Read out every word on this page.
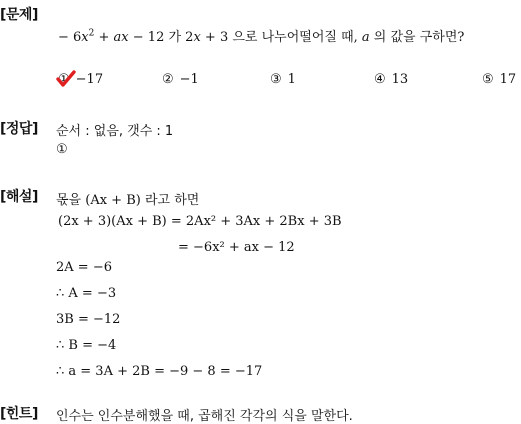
[문제]
− $6x^2$ + ax − 12 가 2x + 3 으로 나누어떨어질 때, a 의 값을 구하면?
① −17	② −1	③ 1	④ 13	⑤ 17
[정답] 순서 : 없음, 갯수 : 1
①
[해설] 몫을 (Ax + B) 라고 하면
(2x + 3)(Ax + B) = 2Ax² + 3Ax + 2Bx + 3B
= −6x² + ax − 12
2A = −6
∴ A = −3
3B = −12
∴ B = −4
∴ a = 3A + 2B = −9 − 8 = −17
[힌트] 인수는 인수분해했을 때, 곱해진 각각의 식을 말한다.
